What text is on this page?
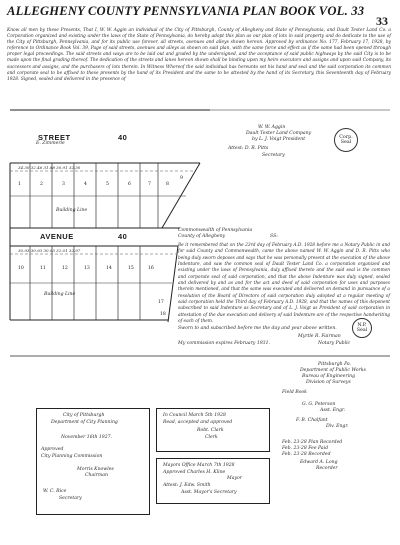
ALLEGHENY COUNTY PENNSYLVANIA PLAN BOOK VOL. 33
33
Know all men by these Presents, That I, W. W. Aggin an individual of the City of Pittsburgh, County of Allegheny and State of Pennsylvania, and Dault Tester Land Co. a Corporation organized and existing under the laws of the State of Pennsylvania, do hereby adopt this plan as our plan of lots in said property and do dedicate to the use of the City of Pittsburgh, Pennsylvania, and for its public use forever, all streets, avenues and alleys shown hereon. Approved by ordinance No. 177, February 17, 1928, by reference to Ordinance Book Vol. 39, Page of said streets, avenues and alleys as shown on said plan, with the same force and effect as if the same had been opened through proper legal proceedings. The said streets and ways are to be laid out and graded by the undersigned, and the acceptance of said public highways by the said City is to be made upon the final grading thereof. The dedication of the streets and lanes hereon shown shall be binding upon my heirs executors and assigns and upon said Company, its successors and assigns, and the purchasers of lots therein. In Witness Whereof the said individual has hereunto set his hand and seal and the said corporation its common and corporate seal to be affixed to these presents by the hand of its President and the same to be attested by the hand of its Secretary, this Seventeenth day of February 1928. Signed, sealed and delivered in the presence of
E. Zimmerle
W. W. Aggin
Dault Tester Land Company
by L. J. Voigt President
Attest: D. R. Pitts
Secretary
Corp. Seal
STREET	40
AVENUE	40
Building Line
Building Line
34.30 32.46 31.88 30.91 32.30
30.93 30.93 30.93 32.01 32.97
1	2	3	4	5	6	7	8
9
10	11	12	13	14	15	16
17
18
Commonwealth of Pennsylvania
County of Allegheny	SS:
Be it remembered that on the 23rd day of February A.D. 1928 before me a Notary Public in and for said County and Commonwealth, came the above named W. W. Aggin and D. R. Pitts who being duly sworn deposes and says that he was personally present at the execution of the above Indenture, and saw the common seal of Dault Tester Land Co. a corporation organized and existing under the laws of Pennsylvania, duly affixed thereto and the said seal is the common and corporate seal of said corporation, and that the above Indenture was duly signed, sealed and delivered by and as and for the act and deed of said corporation for uses and purposes therein mentioned, and that the same was executed and delivered on demand in pursuance of a resolution of the Board of Directors of said corporation duly adopted at a regular meeting of said corporation held the Third day of February A.D. 1928, and that the names of this deponent subscribed to said Indenture as Secretary and of L. J. Voigt as President of said corporation in attestation of the due execution and delivery of said Indenture are of the respective handwriting of each of them.
Sworn to and subscribed before me the day and year above written.
Myrtle R. Fairman
My commission expires February 1931.	Notary Public
N.P. Seal
City of Pittsburgh
Department of City Planning
November 16th 1927.
Approved
City Planning Commission
Morris Knowles
Chairman
W. C. Rice
Secretary
In Council March 5th 1928
Read, accepted and approved
Robt. Clark
Clerk
Mayors Office March 7th 1928
Approved Charles H. Kline
Mayor
Attest: J. Edw. Smith
Asst. Mayor's Secretary
Pittsburgh Pa.
Department of Public Works
Bureau of Engineering
Division of Surveys
Field Book
G. G. Peterson
Asst. Engr.
F. B. Chalfant
Div. Engr.
Feb. 23-28 Plan Recorded
Feb. 23-28 Fee Paid
Feb. 23-28 Recorded
Edward A. Long
Recorder
